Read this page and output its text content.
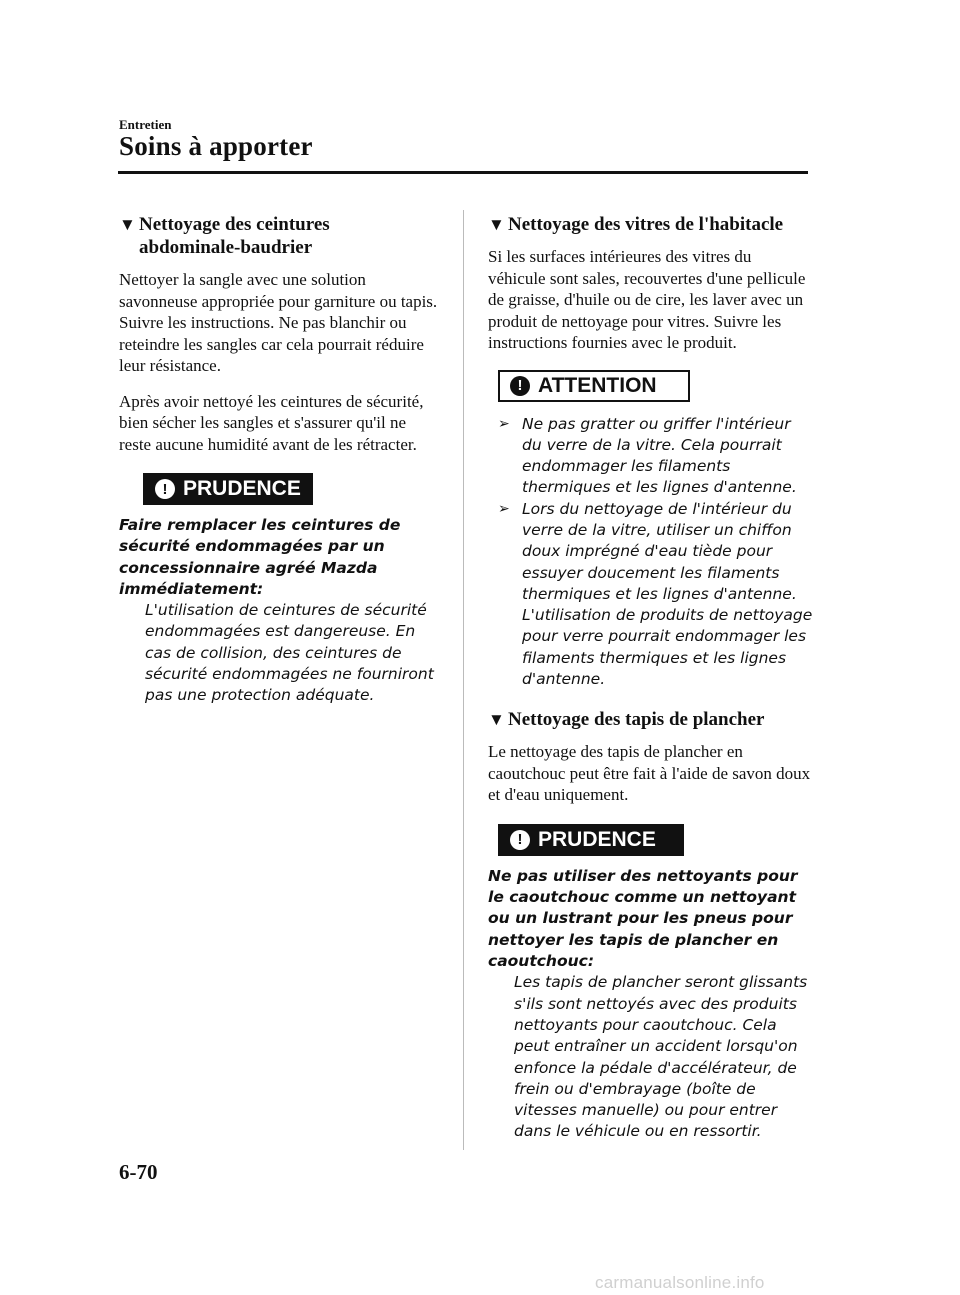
Entretien
Soins à apporter
▼ Nettoyage des ceintures
abdominale-baudrier

Nettoyer la sangle avec une solution savonneuse appropriée pour garniture ou tapis. Suivre les instructions. Ne pas blanchir ou reteindre les sangles car cela pourrait réduire leur résistance.

Après avoir nettoyé les ceintures de sécurité, bien sécher les sangles et s'assurer qu'il ne reste aucune humidité avant de les rétracter.

! PRUDENCE

Faire remplacer les ceintures de sécurité endommagées par un concessionnaire agréé Mazda immédiatement:

L'utilisation de ceintures de sécurité endommagées est dangereuse. En cas de collision, des ceintures de sécurité endommagées ne fourniront pas une protection adéquate.

▼ Nettoyage des vitres de l'habitacle

Si les surfaces intérieures des vitres du véhicule sont sales, recouvertes d'une pellicule de graisse, d'huile ou de cire, les laver avec un produit de nettoyage pour vitres. Suivre les instructions fournies avec le produit.

! ATTENTION
➢ Ne pas gratter ou griffer l'intérieur du verre de la vitre. Cela pourrait endommager les filaments thermiques et les lignes d'antenne.
➢ Lors du nettoyage de l'intérieur du verre de la vitre, utiliser un chiffon doux imprégné d'eau tiède pour essuyer doucement les filaments thermiques et les lignes d'antenne. L'utilisation de produits de nettoyage pour verre pourrait endommager les filaments thermiques et les lignes d'antenne.
▼ Nettoyage des tapis de plancher

Le nettoyage des tapis de plancher en caoutchouc peut être fait à l'aide de savon doux et d'eau uniquement.

! PRUDENCE

Ne pas utiliser des nettoyants pour le caoutchouc comme un nettoyant ou un lustrant pour les pneus pour nettoyer les tapis de plancher en caoutchouc:

Les tapis de plancher seront glissants s'ils sont nettoyés avec des produits nettoyants pour caoutchouc. Cela peut entraîner un accident lorsqu'on enfonce la pédale d'accélérateur, de frein ou d'embrayage (boîte de vitesses manuelle) ou pour entrer dans le véhicule ou en ressortir.

6-70
carmanualsonline.info
